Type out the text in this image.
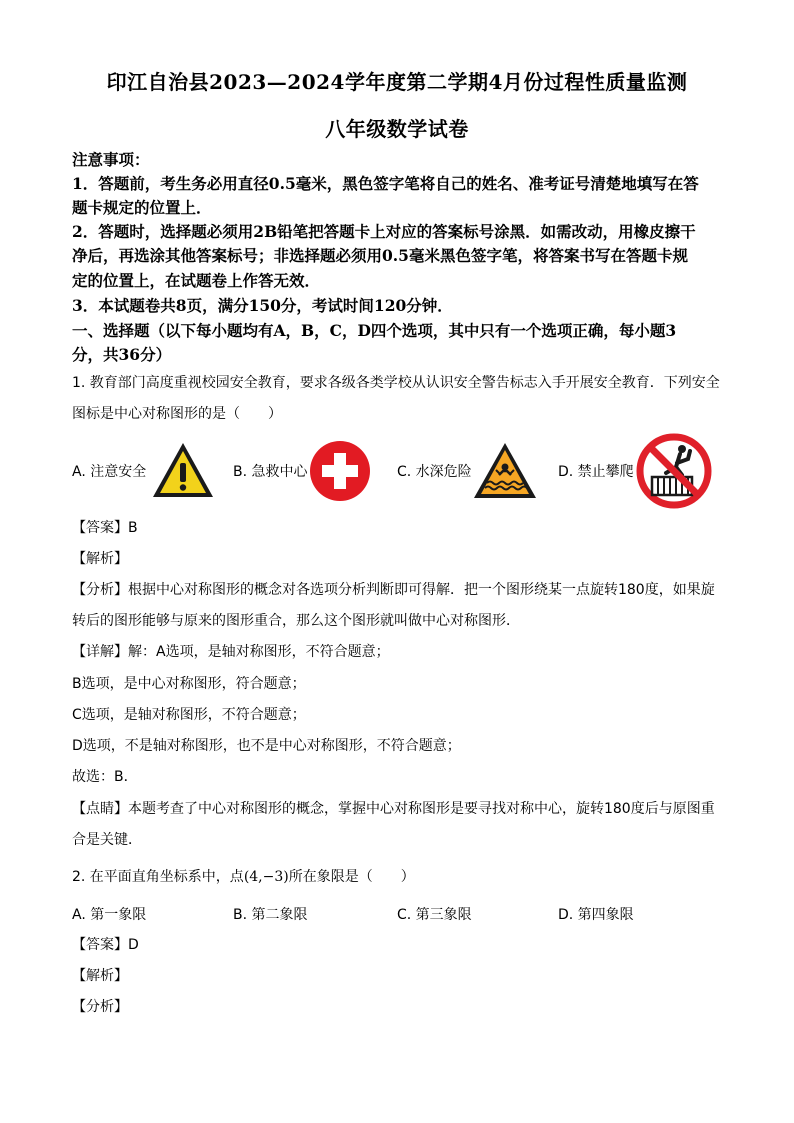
印江自治县2023—2024学年度第二学期4月份过程性质量监测
八年级数学试卷
注意事项：
1．答题前，考生务必用直径0.5毫米，黑色签字笔将自己的姓名、准考证号清楚地填写在答
题卡规定的位置上．
2．答题时，选择题必须用2B铅笔把答题卡上对应的答案标号涂黑．如需改动，用橡皮擦干
净后，再选涂其他答案标号；非选择题必须用0.5毫米黑色签字笔，将答案书写在答题卡规
定的位置上，在试题卷上作答无效．
3．本试题卷共8页，满分150分，考试时间120分钟．
一、选择题（以下每小题均有A，B，C，D四个选项，其中只有一个选项正确，每小题3
分，共36分）
1. 教育部门高度重视校园安全教育，要求各级各类学校从认识安全警告标志入手开展安全教育．下列安全
图标是中心对称图形的是（　　）
A. 注意安全	B. 急救中心	C. 水深危险	D. 禁止攀爬
【答案】B
【解析】
【分析】根据中心对称图形的概念对各选项分析判断即可得解．把一个图形绕某一点旋转180度，如果旋
转后的图形能够与原来的图形重合，那么这个图形就叫做中心对称图形．
【详解】解：A选项，是轴对称图形，不符合题意；
B选项，是中心对称图形，符合题意；
C选项，是轴对称图形，不符合题意；
D选项，不是轴对称图形，也不是中心对称图形，不符合题意；
故选：B．
【点睛】本题考查了中心对称图形的概念，掌握中心对称图形是要寻找对称中心，旋转180度后与原图重
合是关键．
2. 在平面直角坐标系中，点(4,−3)所在象限是（　　）
A. 第一象限	B. 第二象限	C. 第三象限	D. 第四象限
【答案】D
【解析】
【分析】
